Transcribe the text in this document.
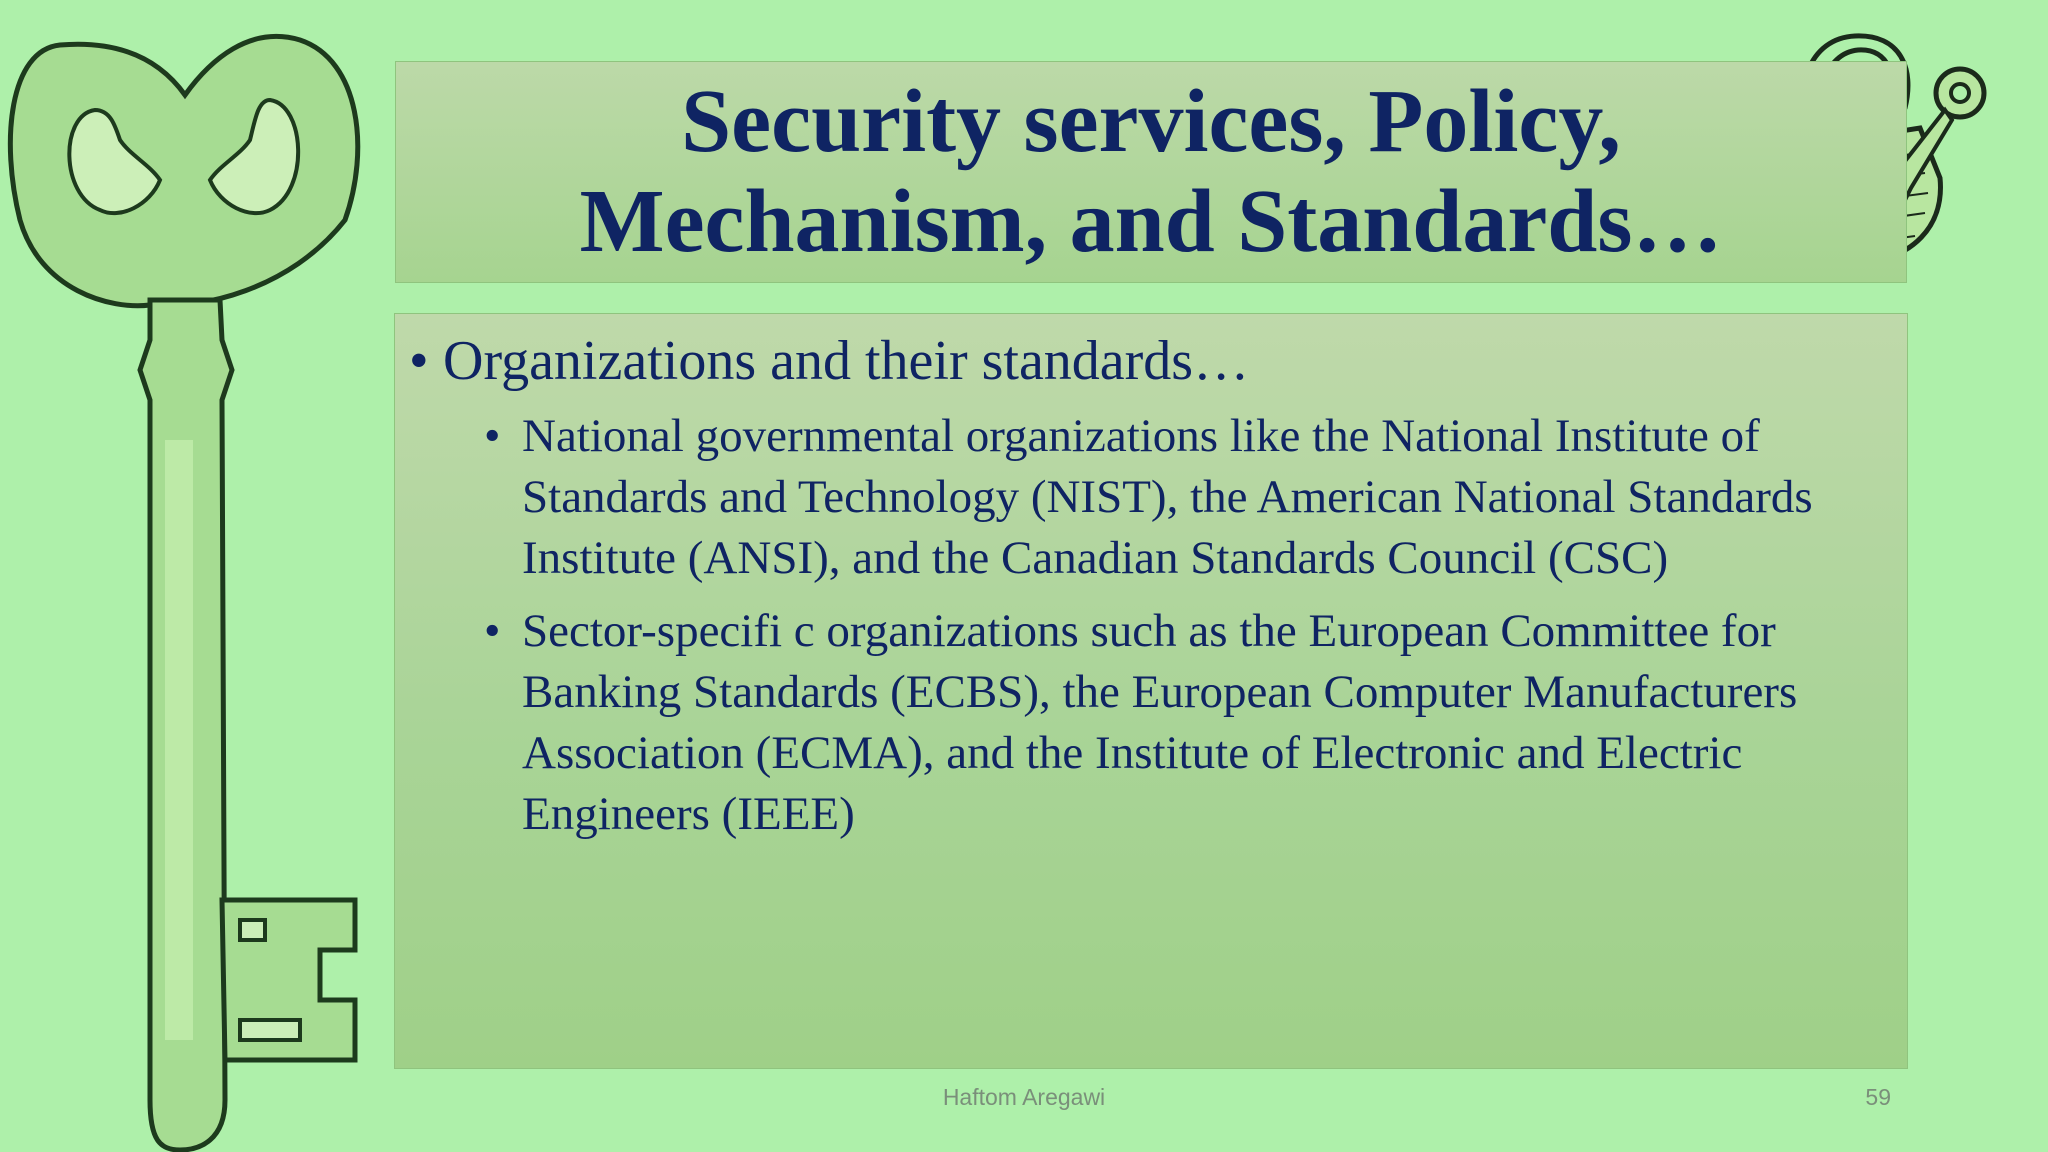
Security services, Policy,
Mechanism, and Standards…

• Organizations and their standards…

• National governmental organizations like the National Institute of Standards and Technology (NIST), the American National Standards Institute (ANSI), and the Canadian Standards Council (CSC)
• Sector-specifi c organizations such as the European Committee for Banking Standards (ECBS), the European Computer Manufacturers Association (ECMA), and the Institute of Electronic and Electric Engineers (IEEE)
Haftom Aregawi	59
